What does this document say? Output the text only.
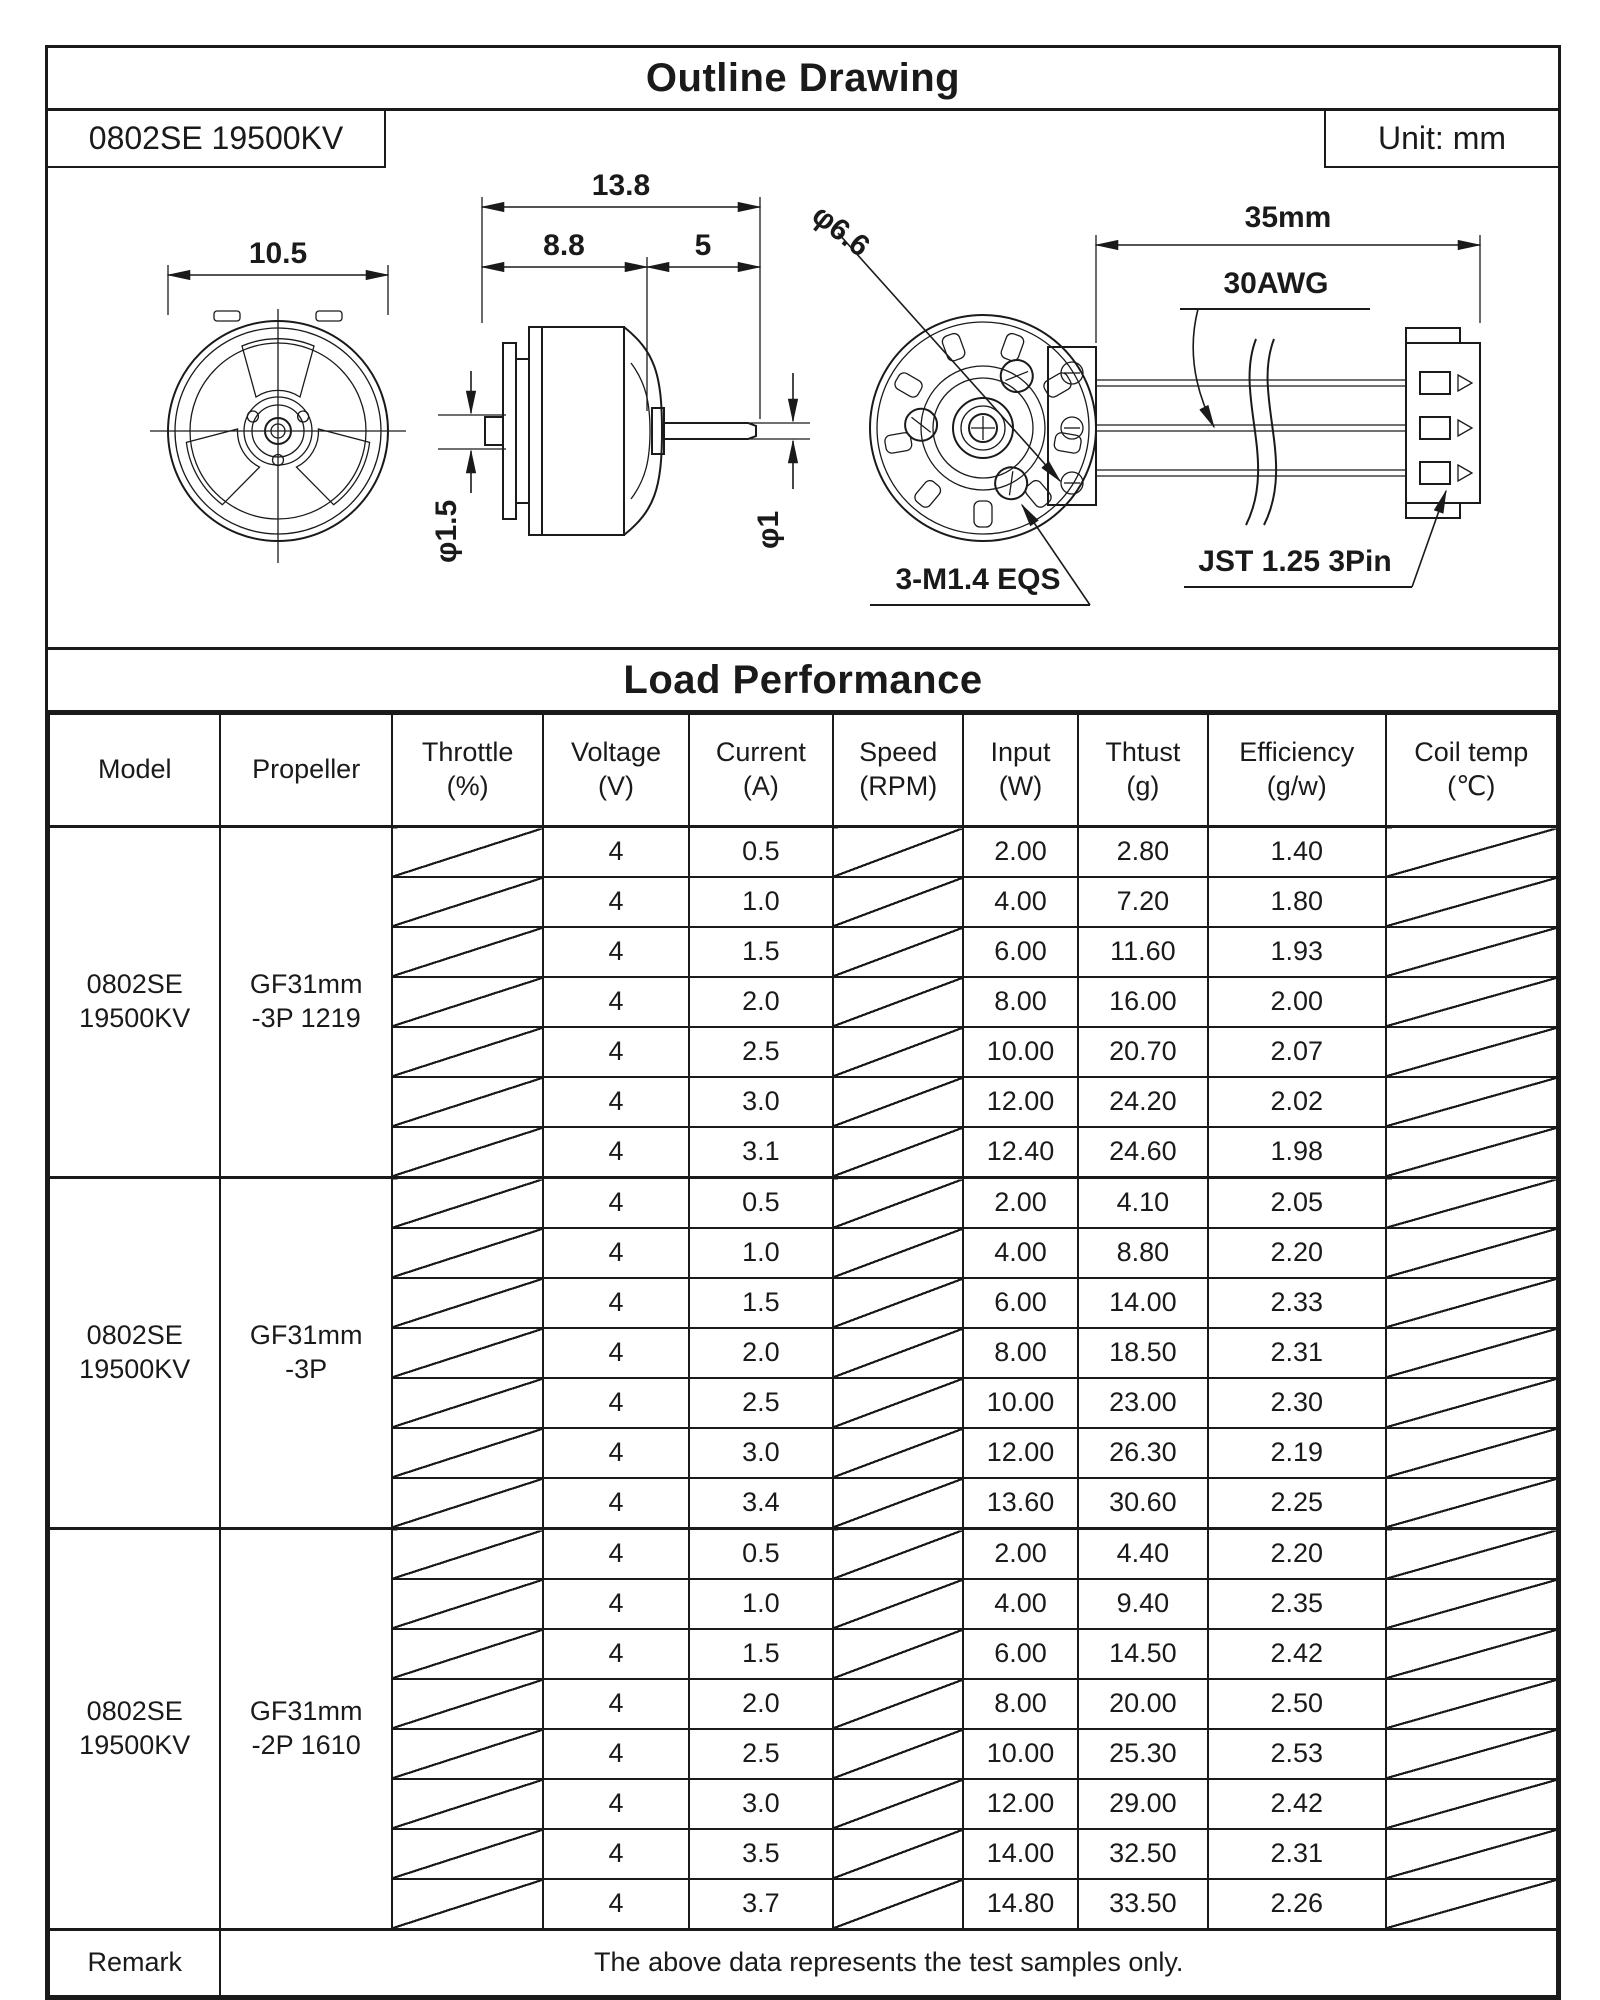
Outline Drawing
0802SE 19500KV	Unit: mm
10.5
13.8
8.8	5
φ1.5	φ1
35mm
30AWG
JST 1.25 3Pin
φ6.6
3-M1.4 EQS
Load Performance
Model	Propeller	Throttle
(%)	Voltage
(V)	Current
(A)	Speed
(RPM)	Input
(W)	Thtust
(g)	Efficiency
(g/w)	Coil temp
(℃)

0802SE
19500KV	GF31mm
-3P 1219		4	0.5		2.00	2.80	1.40	
			4	1.0		4.00	7.20	1.80	
			4	1.5		6.00	11.60	1.93	
			4	2.0		8.00	16.00	2.00	
			4	2.5		10.00	20.70	2.07	
			4	3.0		12.00	24.20	2.02	
			4	3.1		12.40	24.60	1.98	
0802SE
19500KV	GF31mm
-3P		4	0.5		2.00	4.10	2.05	
			4	1.0		4.00	8.80	2.20	
			4	1.5		6.00	14.00	2.33	
			4	2.0		8.00	18.50	2.31	
			4	2.5		10.00	23.00	2.30	
			4	3.0		12.00	26.30	2.19	
			4	3.4		13.60	30.60	2.25	
0802SE
19500KV	GF31mm
-2P 1610		4	0.5		2.00	4.40	2.20	
			4	1.0		4.00	9.40	2.35	
			4	1.5		6.00	14.50	2.42	
			4	2.0		8.00	20.00	2.50	
			4	2.5		10.00	25.30	2.53	
			4	3.0		12.00	29.00	2.42	
			4	3.5		14.00	32.50	2.31	
			4	3.7		14.80	33.50	2.26	
Remark	The above data represents the test samples only.								
